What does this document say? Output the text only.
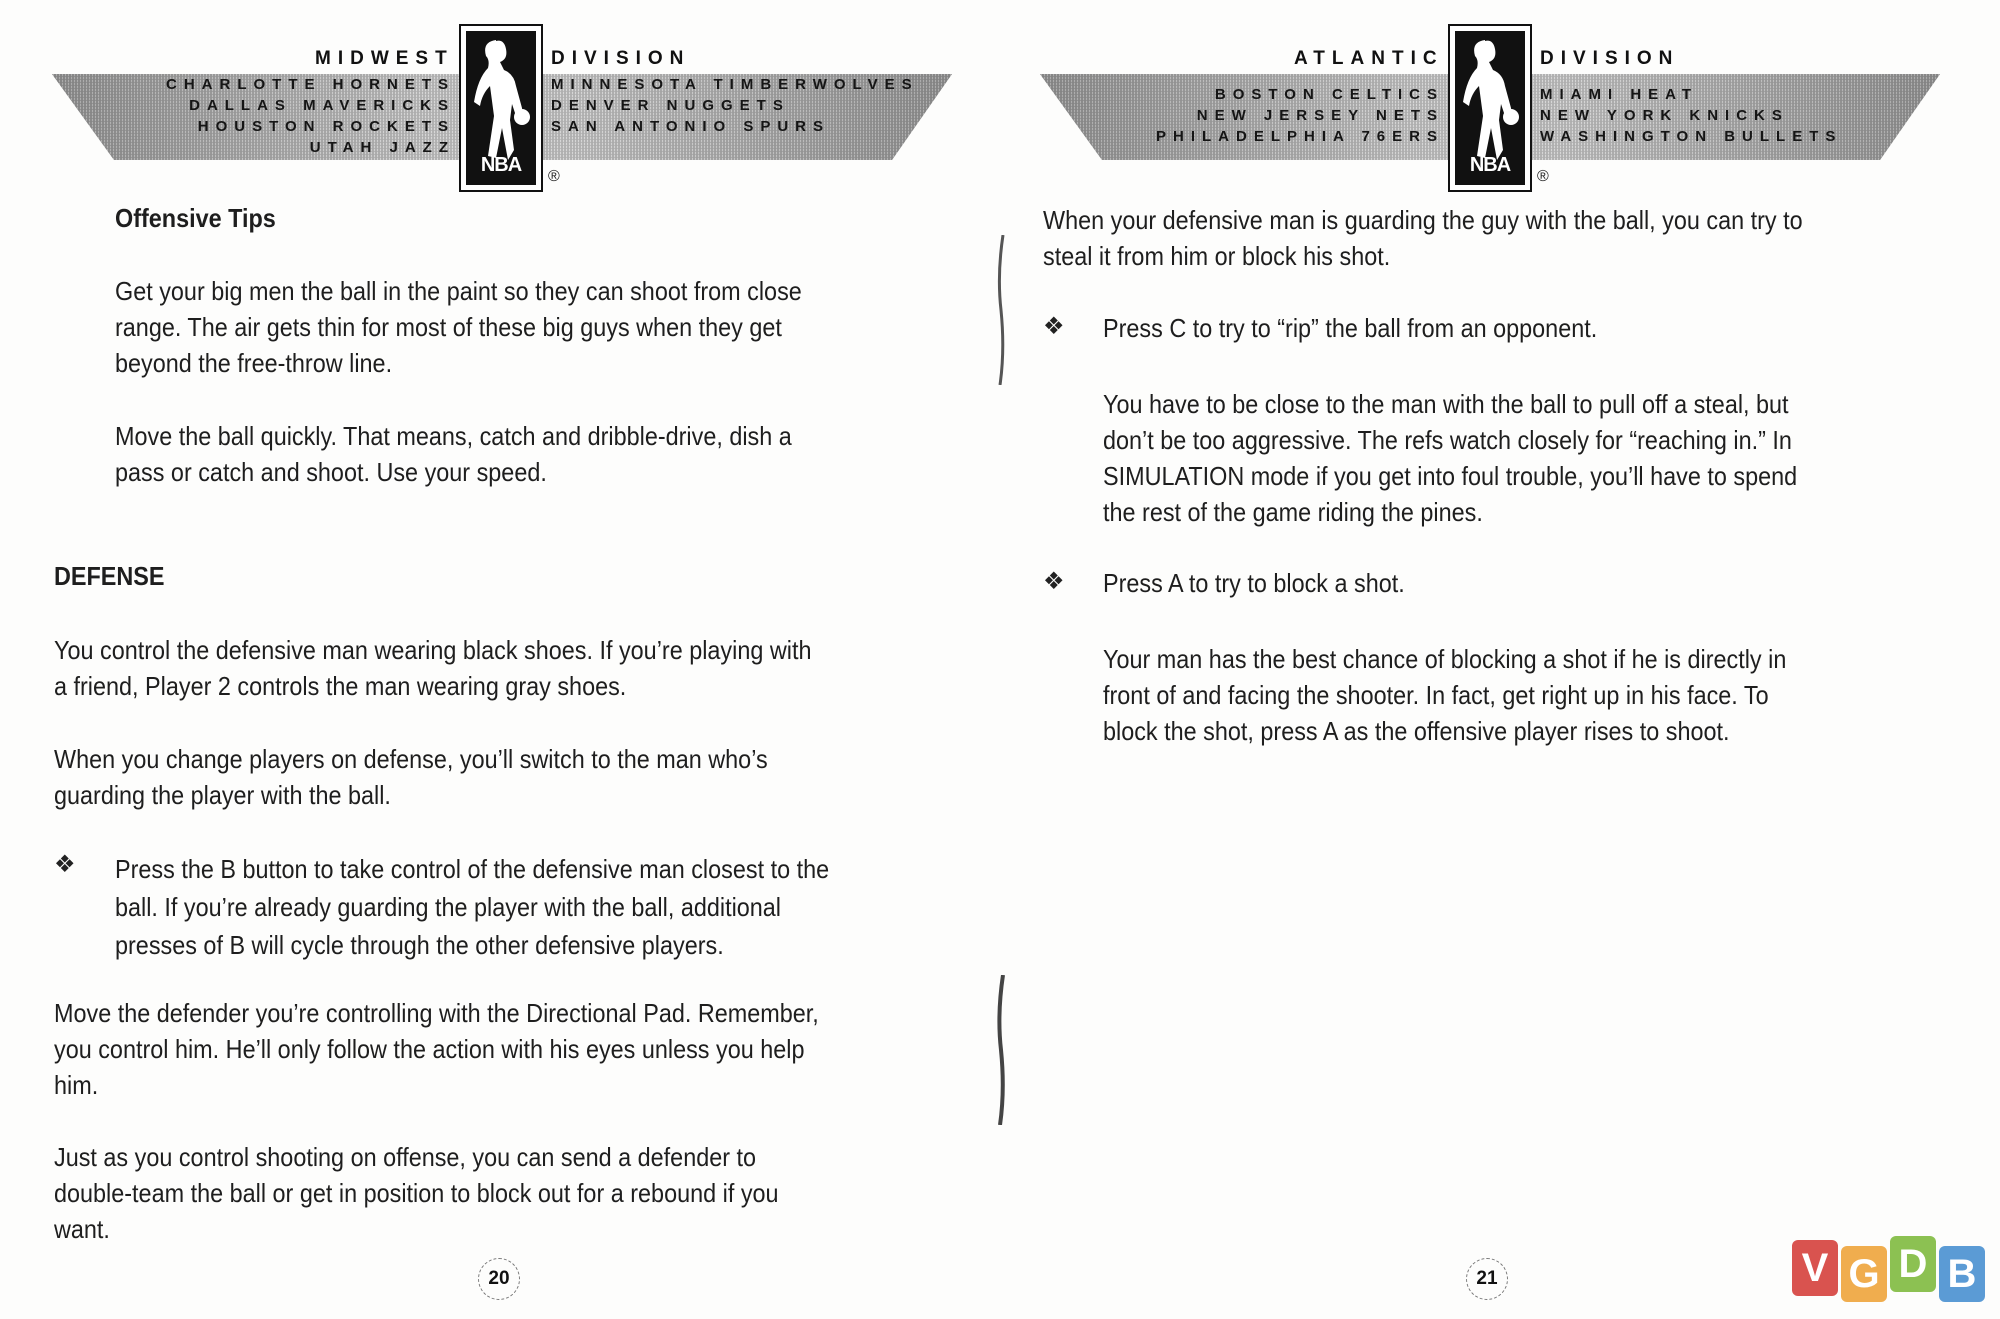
MIDWEST	DIVISION
CHARLOTTE HORNETS
DALLAS MAVERICKS
HOUSTON ROCKETS
UTAH JAZZ
MINNESOTA TIMBERWOLVES
DENVER NUGGETS
SAN ANTONIO SPURS
NBA
®
Offensive Tips
Get your big men the ball in the paint so they can shoot from close
range. The air gets thin for most of these big guys when they get
beyond the free-throw line.
Move the ball quickly. That means, catch and dribble-drive, dish a
pass or catch and shoot. Use your speed.
DEFENSE
You control the defensive man wearing black shoes. If you’re playing with
a friend, Player 2 controls the man wearing gray shoes.
When you change players on defense, you’ll switch to the man who’s
guarding the player with the ball.
❖ Press the B button to take control of the defensive man closest to the
ball. If you’re already guarding the player with the ball, additional
presses of B will cycle through the other defensive players.
Move the defender you’re controlling with the Directional Pad. Remember,
you control him. He’ll only follow the action with his eyes unless you help
him.
Just as you control shooting on offense, you can send a defender to
double-team the ball or get in position to block out for a rebound if you
want.
20
ATLANTIC	DIVISION
BOSTON CELTICS
NEW JERSEY NETS
PHILADELPHIA 76ERS
MIAMI HEAT
NEW YORK KNICKS
WASHINGTON BULLETS
NBA
®
When your defensive man is guarding the guy with the ball, you can try to
steal it from him or block his shot.
❖ Press C to try to “rip” the ball from an opponent.
You have to be close to the man with the ball to pull off a steal, but
don’t be too aggressive. The refs watch closely for “reaching in.” In
SIMULATION mode if you get into foul trouble, you’ll have to spend
the rest of the game riding the pines.
❖ Press A to try to block a shot.
Your man has the best chance of blocking a shot if he is directly in
front of and facing the shooter. In fact, get right up in his face. To
block the shot, press A as the offensive player rises to shoot.
21	V G D B
